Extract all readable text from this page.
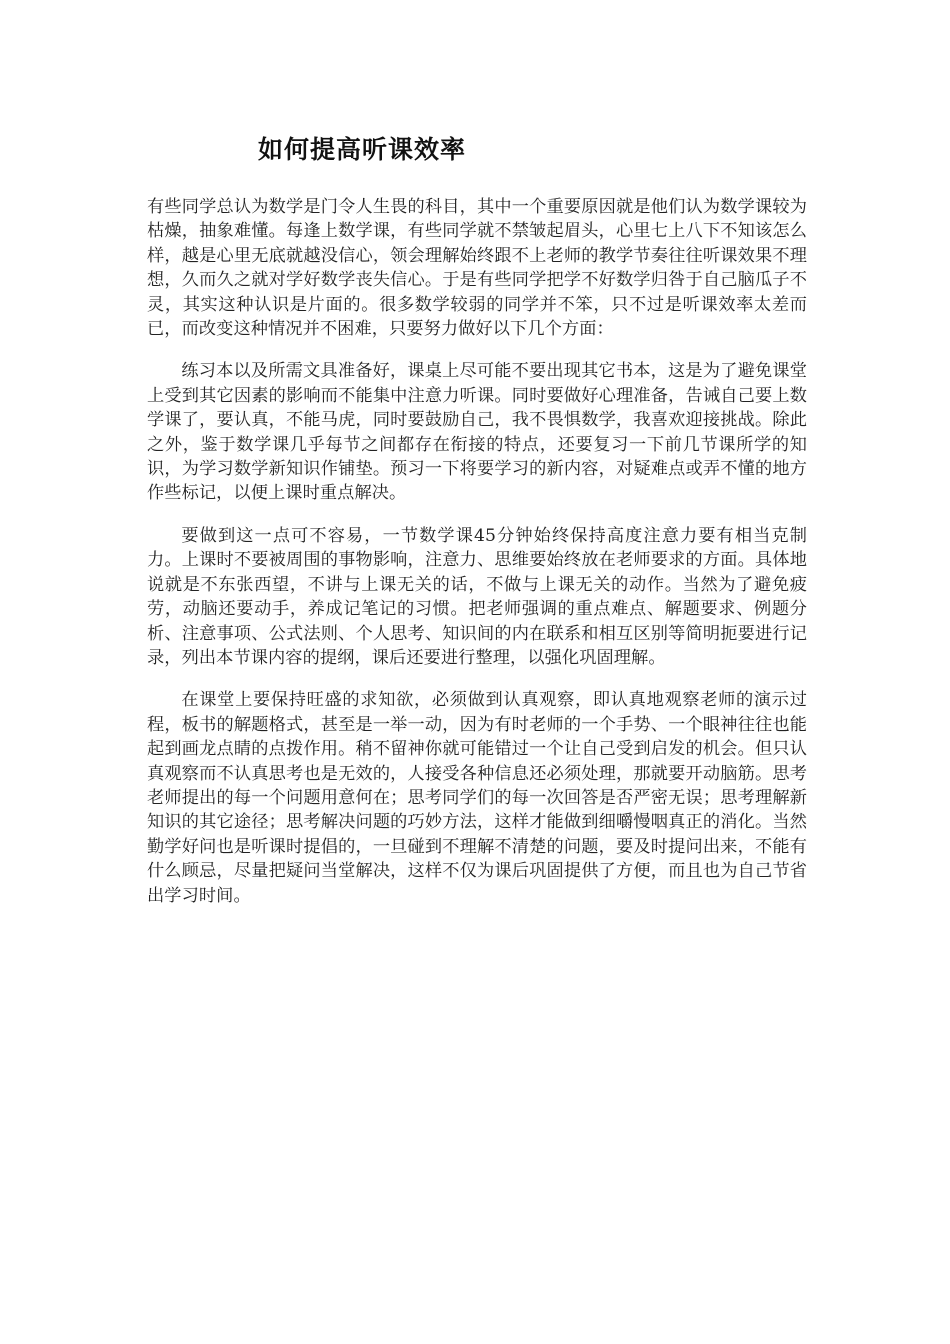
如何提高听课效率

有些同学总认为数学是门令人生畏的科目，其中一个重要原因就是他们认为数学课较为枯燥，抽象难懂。每逢上数学课，有些同学就不禁皱起眉头，心里七上八下不知该怎么样，越是心里无底就越没信心，领会理解始终跟不上老师的教学节奏往往听课效果不理想，久而久之就对学好数学丧失信心。于是有些同学把学不好数学归咎于自己脑瓜子不灵，其实这种认识是片面的。很多数学较弱的同学并不笨，只不过是听课效率太差而已，而改变这种情况并不困难，只要努力做好以下几个方面：

练习本以及所需文具准备好，课桌上尽可能不要出现其它书本，这是为了避免课堂上受到其它因素的影响而不能集中注意力听课。同时要做好心理准备，告诫自己要上数学课了，要认真，不能马虎，同时要鼓励自己，我不畏惧数学，我喜欢迎接挑战。除此之外，鉴于数学课几乎每节之间都存在衔接的特点，还要复习一下前几节课所学的知识，为学习数学新知识作铺垫。预习一下将要学习的新内容，对疑难点或弄不懂的地方作些标记，以便上课时重点解决。

要做到这一点可不容易，一节数学课45分钟始终保持高度注意力要有相当克制力。上课时不要被周围的事物影响，注意力、思维要始终放在老师要求的方面。具体地说就是不东张西望，不讲与上课无关的话，不做与上课无关的动作。当然为了避免疲劳，动脑还要动手，养成记笔记的习惯。把老师强调的重点难点、解题要求、例题分析、注意事项、公式法则、个人思考、知识间的内在联系和相互区别等简明扼要进行记录，列出本节课内容的提纲，课后还要进行整理，以强化巩固理解。

在课堂上要保持旺盛的求知欲，必须做到认真观察，即认真地观察老师的演示过程，板书的解题格式，甚至是一举一动，因为有时老师的一个手势、一个眼神往往也能起到画龙点睛的点拨作用。稍不留神你就可能错过一个让自己受到启发的机会。但只认真观察而不认真思考也是无效的，人接受各种信息还必须处理，那就要开动脑筋。思考老师提出的每一个问题用意何在；思考同学们的每一次回答是否严密无误；思考理解新知识的其它途径；思考解决问题的巧妙方法，这样才能做到细嚼慢咽真正的消化。当然勤学好问也是听课时提倡的，一旦碰到不理解不清楚的问题，要及时提问出来，不能有什么顾忌，尽量把疑问当堂解决，这样不仅为课后巩固提供了方便，而且也为自己节省出学习时间。
